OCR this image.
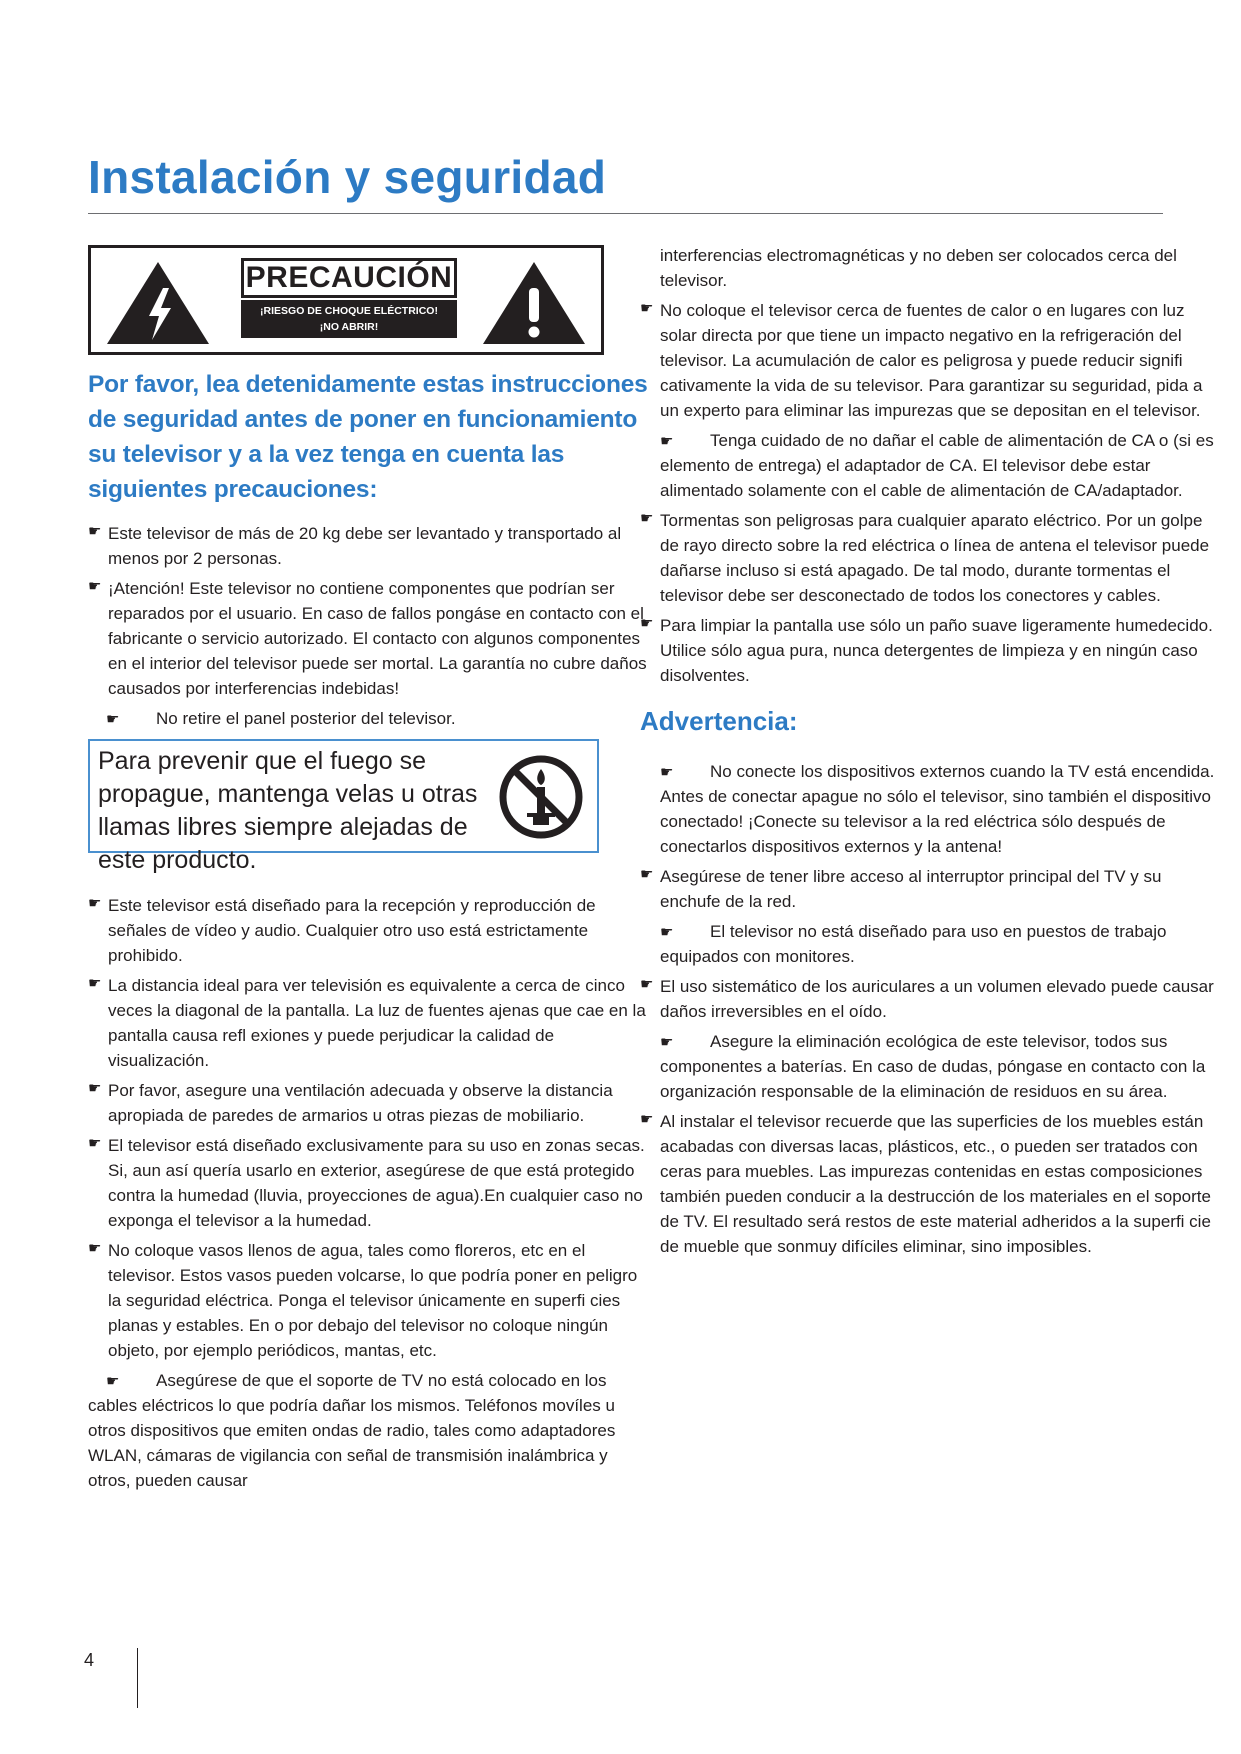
Instalación y seguridad
PRECAUCIÓN
¡RIESGO DE CHOQUE ELÉCTRICO!
¡NO ABRIR!

Por favor, lea detenidamente estas instrucciones de seguridad antes de poner en funcionamiento su televisor y a la vez tenga en cuenta las siguientes precauciones:

☛ Este televisor de más de 20 kg debe ser levantado y transportado al menos por 2 personas.
☛ ¡Atención! Este televisor no contiene componentes que podrían ser reparados por el usuario. En caso de fallos pongáse en contacto con el fabricante o servicio autorizado. El contacto con algunos componentes en el interior del televisor puede ser mortal. La garantía no cubre daños causados por interferencias indebidas!
☛ No retire el panel posterior del televisor.
Para prevenir que el fuego se propague, mantenga velas u otras llamas libres siempre alejadas de este producto.
☛ Este televisor está diseñado para la recepción y reproducción de señales de vídeo y audio. Cualquier otro uso está estrictamente prohibido.
☛ La distancia ideal para ver televisión es equivalente a cerca de cinco veces la diagonal de la pantalla. La luz de fuentes ajenas que cae en la pantalla causa refl exiones y puede perjudicar la calidad de visualización.
☛ Por favor, asegure una ventilación adecuada y observe la distancia apropiada de paredes de armarios u otras piezas de mobiliario.
☛ El televisor está diseñado exclusivamente para su uso en zonas secas. Si, aun así quería usarlo en exterior, asegúrese de que está protegido contra la humedad (lluvia, proyecciones de agua).En cualquier caso no exponga el televisor a la humedad.
☛ No coloque vasos llenos de agua, tales como floreros, etc en el televisor. Estos vasos pueden volcarse, lo que podría poner en peligro la seguridad eléctrica. Ponga el televisor únicamente en superfi cies planas y estables. En o por debajo del televisor no coloque ningún objeto, por ejemplo periódicos, mantas, etc.
☛ Asegúrese de que el soporte de TV no está colocado en los cables eléctricos lo que podría dañar los mismos. Teléfonos movíles u otros dispositivos que emiten ondas de radio, tales como adaptadores WLAN, cámaras de vigilancia con señal de transmisión inalámbrica y otros, pueden causar
interferencias electromagnéticas y no deben ser colocados cerca del televisor.
☛ No coloque el televisor cerca de fuentes de calor o en lugares con luz solar directa por que tiene un impacto negativo en la refrigeración del televisor. La acumulación de calor es peligrosa y puede reducir signifi cativamente la vida de su televisor. Para garantizar su seguridad, pida a un experto para eliminar las impurezas que se depositan en el televisor.
☛ Tenga cuidado de no dañar el cable de alimentación de CA o (si es elemento de entrega) el adaptador de CA. El televisor debe estar alimentado solamente con el cable de alimentación de CA/adaptador.
☛ Tormentas son peligrosas para cualquier aparato eléctrico. Por un golpe de rayo directo sobre la red eléctrica o línea de antena el televisor puede dañarse incluso si está apagado. De tal modo, durante tormentas el televisor debe ser desconectado de todos los conectores y cables.
☛ Para limpiar la pantalla use sólo un paño suave ligeramente humedecido. Utilice sólo agua pura, nunca detergentes de limpieza y en ningún caso disolventes.
Advertencia:
☛ No conecte los dispositivos externos cuando la TV está encendida. Antes de conectar apague no sólo el televisor, sino también el dispositivo conectado! ¡Conecte su televisor a la red eléctrica sólo después de conectarlos dispositivos externos y la antena!
☛ Asegúrese de tener libre acceso al interruptor principal del TV y su enchufe de la red.
☛ El televisor no está diseñado para uso en puestos de trabajo equipados con monitores.
☛ El uso sistemático de los auriculares a un volumen elevado puede causar daños irreversibles en el oído.
☛ Asegure la eliminación ecológica de este televisor, todos sus componentes a baterías. En caso de dudas, póngase en contacto con la organización responsable de la eliminación de residuos en su área.
☛ Al instalar el televisor recuerde que las superficies de los muebles están acabadas con diversas lacas, plásticos, etc., o pueden ser tratados con ceras para muebles. Las impurezas contenidas en estas composiciones también pueden conducir a la destrucción de los materiales en el soporte de TV. El resultado será restos de este material adheridos a la superfi cie de mueble que sonmuy difíciles eliminar, sino imposibles.
4
